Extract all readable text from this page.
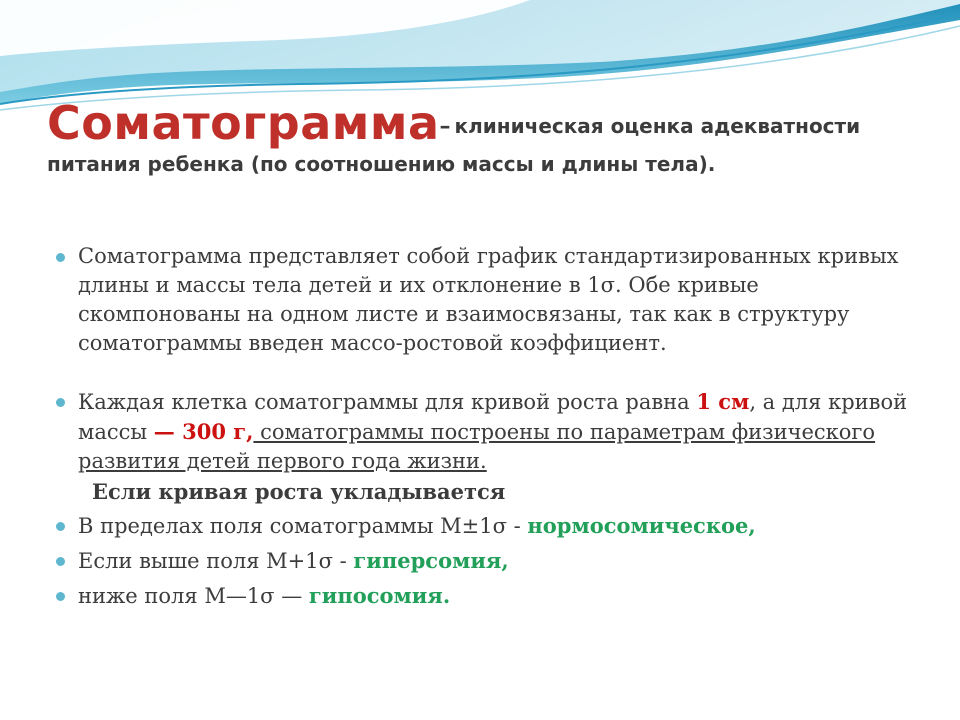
Соматограмма– клиническая оценка адекватности
питания ребенка (по соотношению массы и длины тела).
Соматограмма представляет собой график стандартизированных кривых длины и массы тела детей и их отклонение в 1σ. Обе кривые скомпонованы на одном листе и взаимосвязаны, так как в структуру соматограммы введен массо-ростовой коэффициент.
Каждая клетка соматограммы для кривой роста равна 1 см, а для кривой массы — 300 г, соматограммы построены по параметрам физического развития детей первого года жизни.
Если кривая роста укладывается
В пределах поля соматограммы М±1σ - нормосомическое,
Если выше поля М+1σ - гиперсомия,
ниже поля М—1σ — гипосомия.
